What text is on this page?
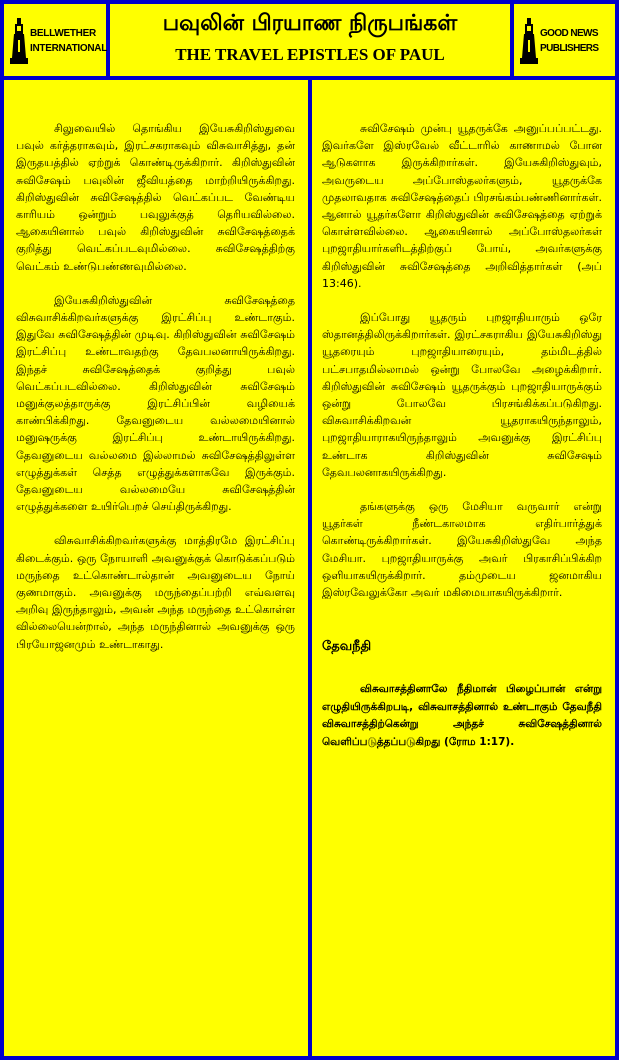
BELLWETHER
INTERNATIONAL
பவுலின் பிரயாண நிருபங்கள்
THE TRAVEL EPISTLES OF PAUL
GOOD NEWS
PUBLISHERS

சிலுவையில் தொங்கிய இயேசுகிறிஸ்துவை பவுல் கர்த்தராகவும், இரட்சகராகவும் விசுவாசித்து, தன் இருதயத்தில் ஏற்றுக் கொண்டிருக்கிறார். கிறிஸ்துவின் சுவிசேஷம் பவுலின் ஜீவியத்தை மாற்றியிருக்கிறது. கிறிஸ்துவின் சுவிசேஷத்தில் வெட்கப்பட வேண்டிய காரியம் ஒன்றும் பவுலுக்குத் தெரியவில்லை. ஆகையினால் பவுல் கிறிஸ்துவின் சுவிசேஷத்தைக் குறித்து வெட்கப்படவுமில்லை. சுவிசேஷத்திற்கு வெட்கம் உண்டுபண்ணவுமில்லை.

இயேசுகிறிஸ்துவின் சுவிசேஷத்தை விசுவாசிக்கிறவர்களுக்கு இரட்சிப்பு உண்டாகும். இதுவே சுவிசேஷத்தின் முடிவு. கிறிஸ்துவின் சுவிசேஷம் இரட்சிப்பு உண்டாவதற்கு தேவபலனாயிருக்கிறது. இந்தச் சுவிசேஷத்தைக் குறித்து பவுல் வெட்கப்படவில்லை. கிறிஸ்துவின் சுவிசேஷம் மனுக்குலத்தாருக்கு இரட்சிப்பின் வழியைக் காண்பிக்கிறது. தேவனுடைய வல்லமையினால் மனுஷருக்கு இரட்சிப்பு உண்டாயிருக்கிறது. தேவனுடைய வல்லமை இல்லாமல் சுவிசேஷத்திலுள்ள எழுத்துக்கள் செத்த எழுத்துக்களாகவே இருக்கும். தேவனுடைய வல்லமையே சுவிசேஷத்தின் எழுத்துக்களை உயிர்பெறச் செய்திருக்கிறது.

விசுவாசிக்கிறவர்களுக்கு மாத்திரமே இரட்சிப்பு கிடைக்கும். ஒரு நோயாளி அவனுக்குக் கொடுக்கப்படும் மருந்தை உட்கொண்டால்தான் அவனுடைய நோய் குணமாகும். அவனுக்கு மருந்தைப்பற்றி எவ்வளவு அறிவு இருந்தாலும், அவன் அந்த மருந்தை உட்கொள்ள வில்லையென்றால், அந்த மருந்தினால் அவனுக்கு ஒரு பிரயோஜனமும் உண்டாகாது.

சுவிசேஷம் முன்பு யூதருக்கே அனுப்பப்பட்டது. இவர்களே இஸ்ரவேல் வீட்டாரில் காணாமல் போன ஆடுகளாக இருக்கிறார்கள். இயேசுகிறிஸ்துவும், அவருடைய அப்போஸ்தலர்களும், யூதருக்கே முதலாவதாக சுவிசேஷத்தைப் பிரசங்கம்பண்ணினார்கள். ஆனால் யூதர்களோ கிறிஸ்துவின் சுவிசேஷத்தை ஏற்றுக் கொள்ளவில்லை. ஆகையினால் அப்போஸ்தலர்கள் புறஜாதியார்களிடத்திற்குப் போய், அவர்களுக்கு கிறிஸ்துவின் சுவிசேஷத்தை அறிவித்தார்கள் (அப் 13:46).

இப்போது யூதரும் புறஜாதியாரும் ஒரே ஸ்தானத்திலிருக்கிறார்கள். இரட்சகராகிய இயேசுகிறிஸ்து யூதரையும் புறஜாதியாரையும், தம்மிடத்தில் பட்சபாதமில்லாமல் ஒன்று போலவே அழைக்கிறார். கிறிஸ்துவின் சுவிசேஷம் யூதருக்கும் புறஜாதியாருக்கும் ஒன்று போலவே பிரசங்கிக்கப்படுகிறது. விசுவாசிக்கிறவன் யூதராகயிருந்தாலும், புறஜாதியாராகயிருந்தாலும் அவனுக்கு இரட்சிப்பு உண்டாக கிறிஸ்துவின் சுவிசேஷம் தேவபலனாகயிருக்கிறது.

தங்களுக்கு ஒரு மேசியா வருவார் என்று யூதர்கள் நீண்டகாலமாக எதிர்பார்த்துக் கொண்டிருக்கிறார்கள். இயேசுகிறிஸ்துவே அந்த மேசியா. புறஜாதியாருக்கு அவர் பிரகாசிப்பிக்கிற ஒளியாகயிருக்கிறார். தம்முடைய ஜனமாகிய இஸ்ரவேலுக்கோ அவர் மகிமையாகயிருக்கிறார்.

தேவநீதி

விசுவாசத்தினாலே நீதிமான் பிழைப்பான் என்று எழுதியிருக்கிறபடி, விசுவாசத்தினால் உண்டாகும் தேவநீதி விசுவாசத்திற்கென்று அந்தச் சுவிசேஷத்தினால் வெளிப்படுத்தப்படுகிறது (ரோம 1:17).
